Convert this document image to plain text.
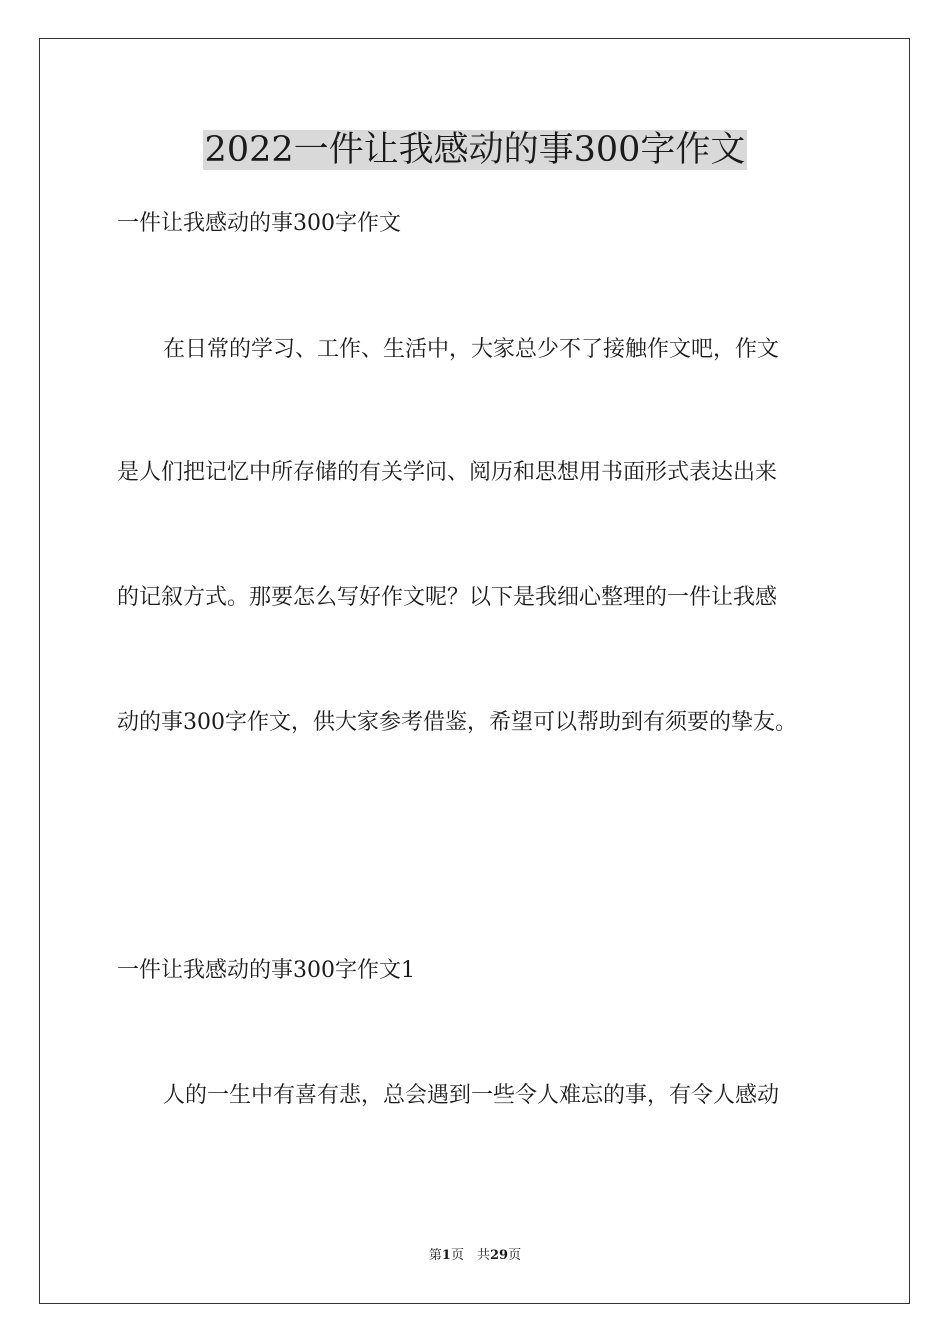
2022一件让我感动的事300字作文

一件让我感动的事300字作文

在日常的学习、工作、生活中，大家总少不了接触作文吧，作文

是人们把记忆中所存储的有关学问、阅历和思想用书面形式表达出来

的记叙方式。那要怎么写好作文呢？以下是我细心整理的一件让我感

动的事300字作文，供大家参考借鉴，希望可以帮助到有须要的挚友。

一件让我感动的事300字作文1

人的一生中有喜有悲，总会遇到一些令人难忘的事，有令人感动

第1页　共29页
